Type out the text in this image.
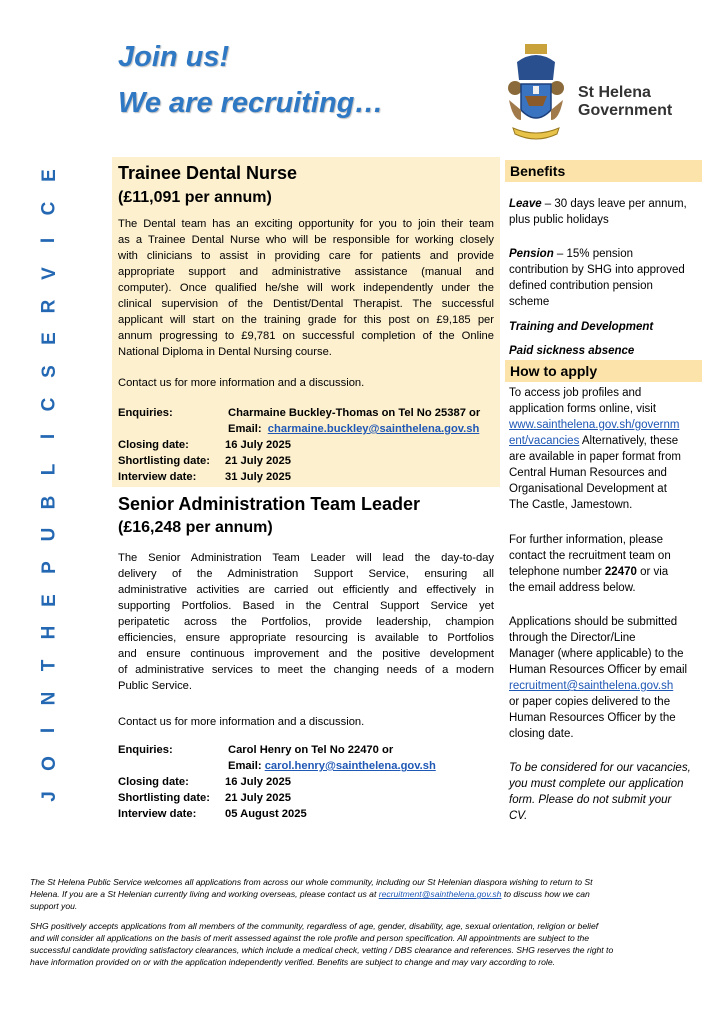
E
C
I
V
R
E
S
C
I
L
B
U
P
E
H
T
N
I
O
J
Join us!
We are recruiting…	St Helena
Government
Trainee Dental Nurse
(£11,091 per annum)
The Dental team has an exciting opportunity for you to join their team
as a Trainee Dental Nurse who will be responsible for working closely
with clinicians to assist in providing care for patients and provide
appropriate support and administrative assistance (manual and
computer). Once qualified he/she will work independently under the
clinical supervision of the Dentist/Dental Therapist. The successful
applicant will start on the training grade for this post on £9,185 per
annum progressing to £9,781 on successful completion of the Online
National Diploma in Dental Nursing course.
Contact us for more information and a discussion.
Enquiries:	Charmaine Buckley-Thomas on Tel No 25387 or
Email: charmaine.buckley@sainthelena.gov.sh
Closing date:	16 July 2025
Shortlisting date: 21 July 2025
Interview date:	31 July 2025
Senior Administration Team Leader
(£16,248 per annum)
The Senior Administration Team Leader will lead the day-to-day
delivery of the Administration Support Service, ensuring all
administrative activities are carried out efficiently and effectively in
supporting Portfolios. Based in the Central Support Service yet
peripatetic across the Portfolios, provide leadership, champion
efficiencies, ensure appropriate resourcing is available to Portfolios
and ensure continuous improvement and the positive development
of administrative services to meet the changing needs of a modern
Public Service.
Contact us for more information and a discussion.
Enquiries:	Carol Henry on Tel No 22470 or
Email: carol.henry@sainthelena.gov.sh
Closing date:	16 July 2025
Shortlisting date: 21 July 2025
Interview date:	05 August 2025
Benefits
Leave – 30 days leave per annum,
plus public holidays
Pension – 15% pension
contribution by SHG into approved
defined contribution pension
scheme
Training and Development
Paid sickness absence
How to apply
To access job profiles and
application forms online, visit
www.sainthelena.gov.sh/governm
ent/vacancies Alternatively, these
are available in paper format from
Central Human Resources and
Organisational Development at
The Castle, Jamestown.
For further information, please
contact the recruitment team on
telephone number 22470 or via
the email address below.
Applications should be submitted
through the Director/Line
Manager (where applicable) to the
Human Resources Officer by email
recruitment@sainthelena.gov.sh
or paper copies delivered to the
Human Resources Officer by the
closing date.
To be considered for our vacancies,
you must complete our application
form. Please do not submit your
CV.
The St Helena Public Service welcomes all applications from across our whole community, including our St Helenian diaspora wishing to return to St
Helena. If you are a St Helenian currently living and working overseas, please contact us at recruitment@sainthelena.gov.sh to discuss how we can
support you.
SHG positively accepts applications from all members of the community, regardless of age, gender, disability, age, sexual orientation, religion or belief
and will consider all applications on the basis of merit assessed against the role profile and person specification. All appointments are subject to the
successful candidate providing satisfactory clearances, which include a medical check, vetting / DBS clearance and references. SHG reserves the right to
have information provided on or with the application independently verified. Benefits are subject to change and may vary according to role.
